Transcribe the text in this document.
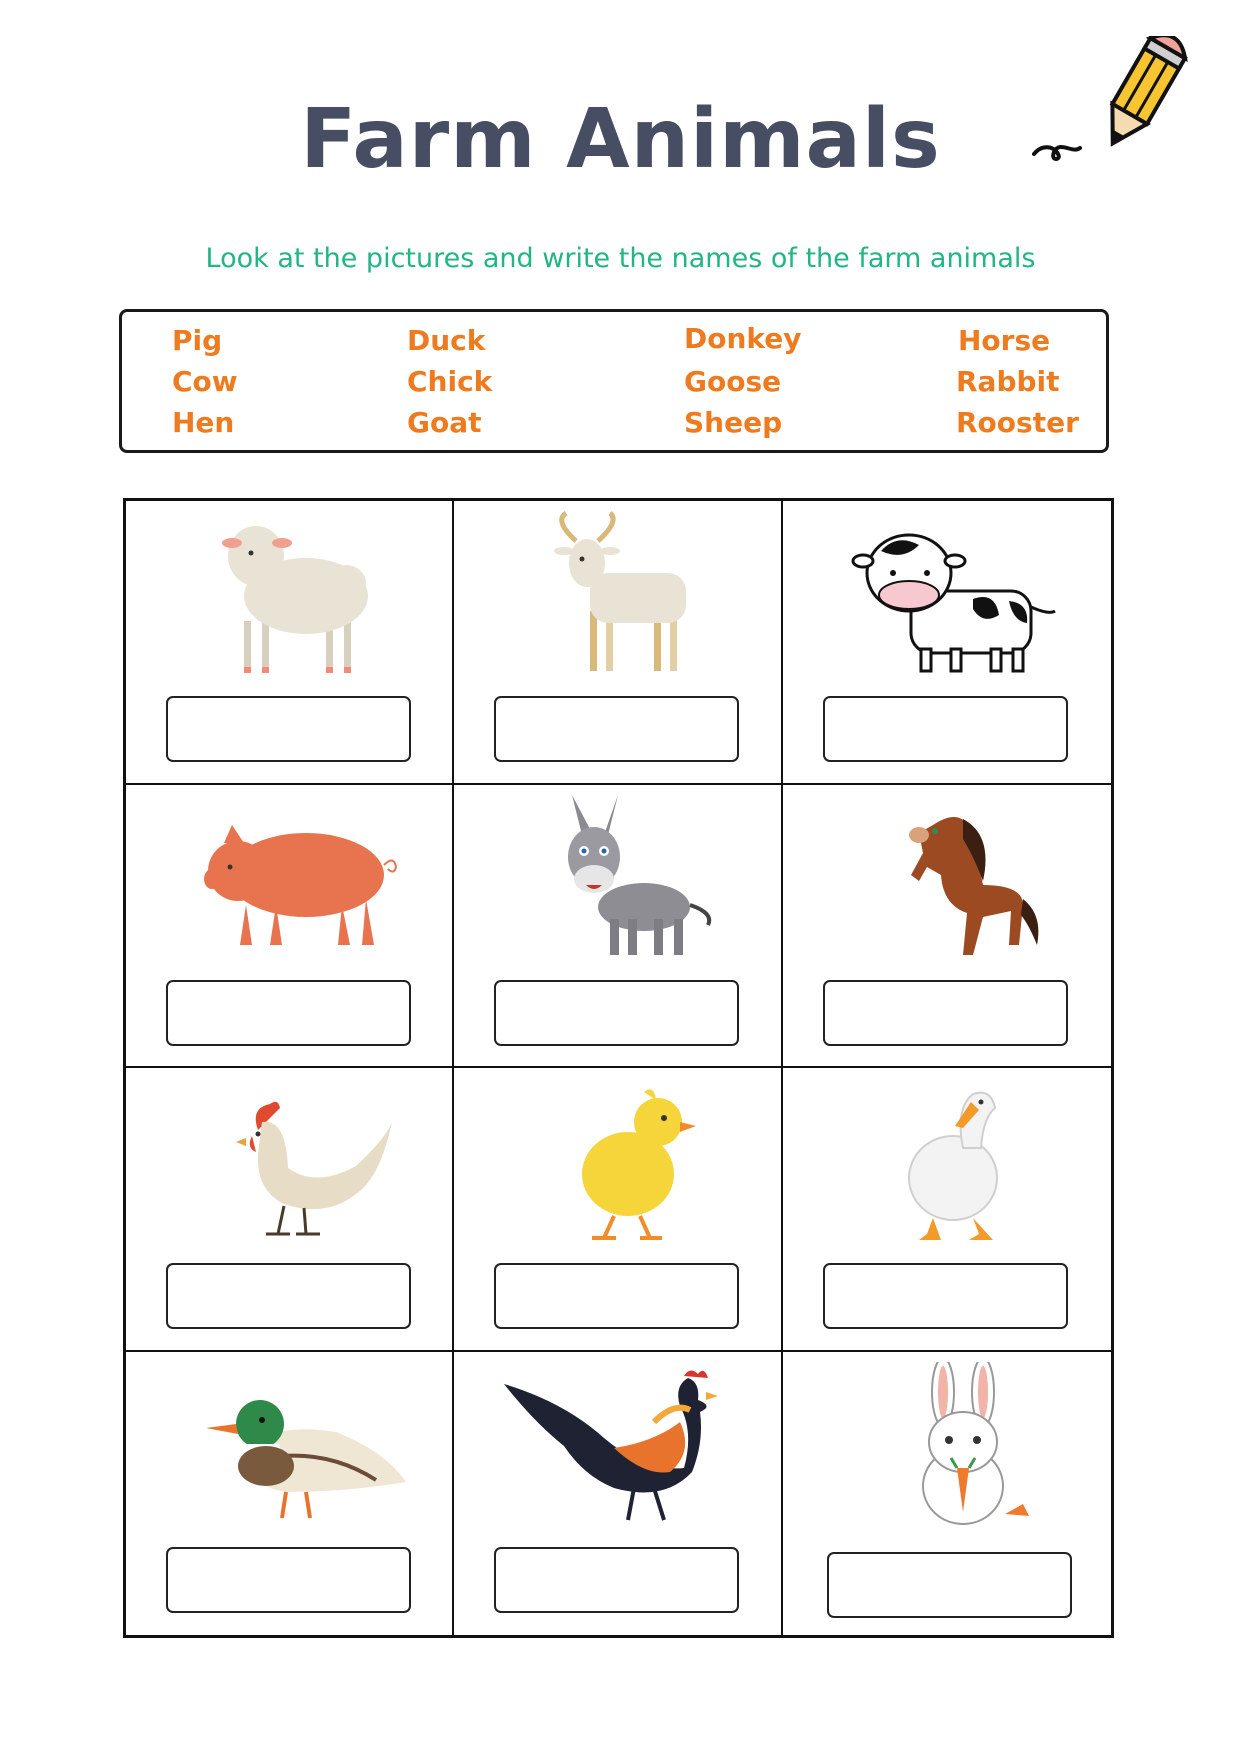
Farm Animals
Look at the pictures and write the names of the farm animals
Pig
Cow
Hen
Duck
Chick
Goat
Donkey
Goose
Sheep
Horse
Rabbit
Rooster
